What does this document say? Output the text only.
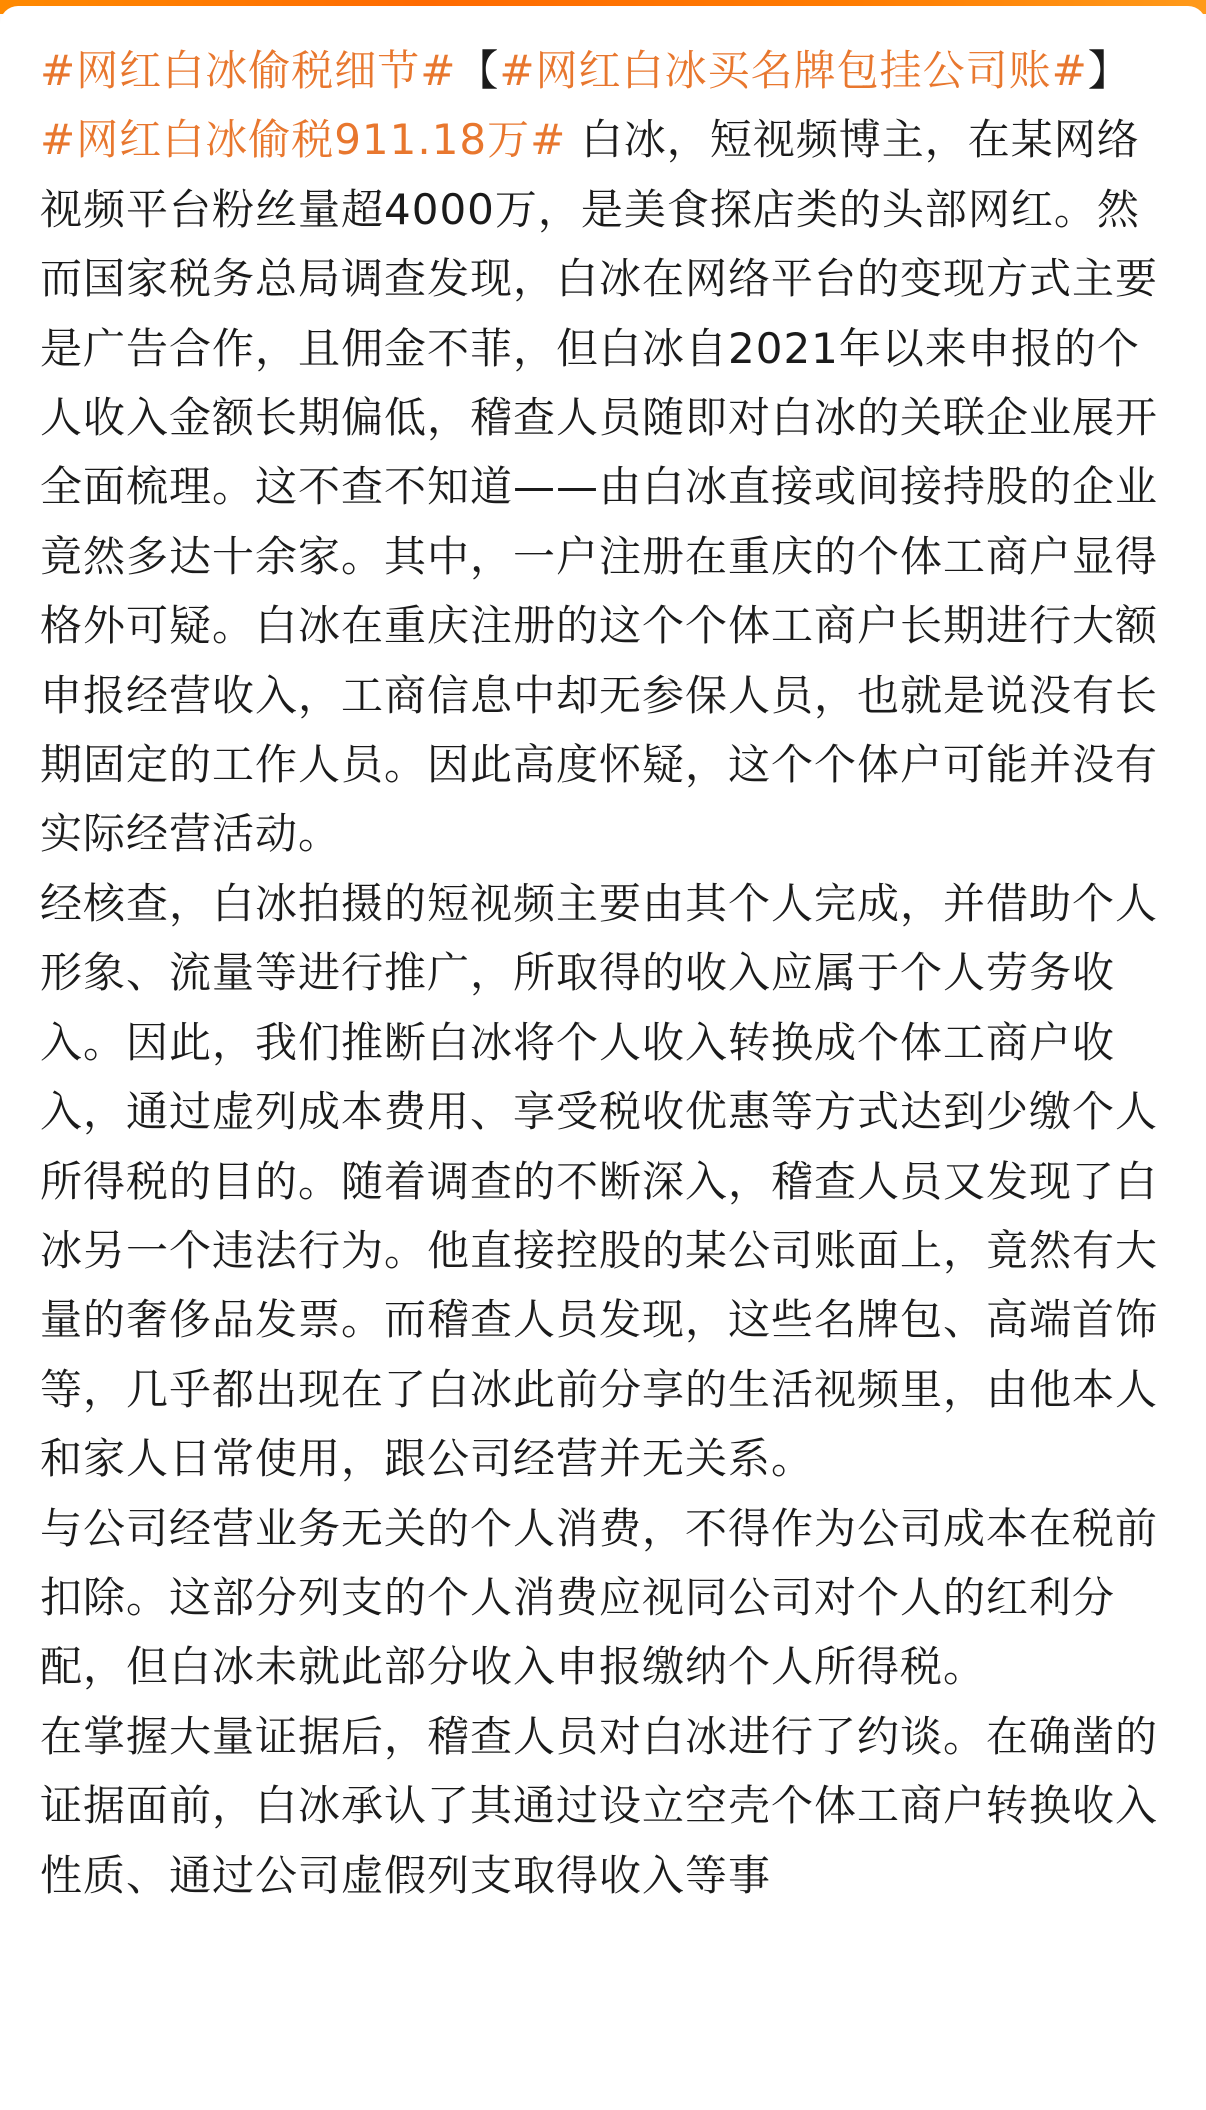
#网红白冰偷税细节#【#网红白冰买名牌包挂公司账#】#网红白冰偷税911.18万# 白冰，短视频博主，在某网络视频平台粉丝量超4000万，是美食探店类的头部网红。然而国家税务总局调查发现，白冰在网络平台的变现方式主要是广告合作，且佣金不菲，但白冰自2021年以来申报的个人收入金额长期偏低，稽查人员随即对白冰的关联企业展开全面梳理。这不查不知道——由白冰直接或间接持股的企业竟然多达十余家。其中，一户注册在重庆的个体工商户显得格外可疑。白冰在重庆注册的这个个体工商户长期进行大额申报经营收入，工商信息中却无参保人员，也就是说没有长期固定的工作人员。因此高度怀疑，这个个体户可能并没有实际经营活动。

经核查，白冰拍摄的短视频主要由其个人完成，并借助个人形象、流量等进行推广，所取得的收入应属于个人劳务收入。因此，我们推断白冰将个人收入转换成个体工商户收入，通过虚列成本费用、享受税收优惠等方式达到少缴个人所得税的目的。随着调查的不断深入，稽查人员又发现了白冰另一个违法行为。他直接控股的某公司账面上，竟然有大量的奢侈品发票。而稽查人员发现，这些名牌包、高端首饰等，几乎都出现在了白冰此前分享的生活视频里，由他本人和家人日常使用，跟公司经营并无关系。

与公司经营业务无关的个人消费，不得作为公司成本在税前扣除。这部分列支的个人消费应视同公司对个人的红利分配，但白冰未就此部分收入申报缴纳个人所得税。

在掌握大量证据后，稽查人员对白冰进行了约谈。在确凿的证据面前，白冰承认了其通过设立空壳个体工商户转换收入性质、通过公司虚假列支取得收入等事
